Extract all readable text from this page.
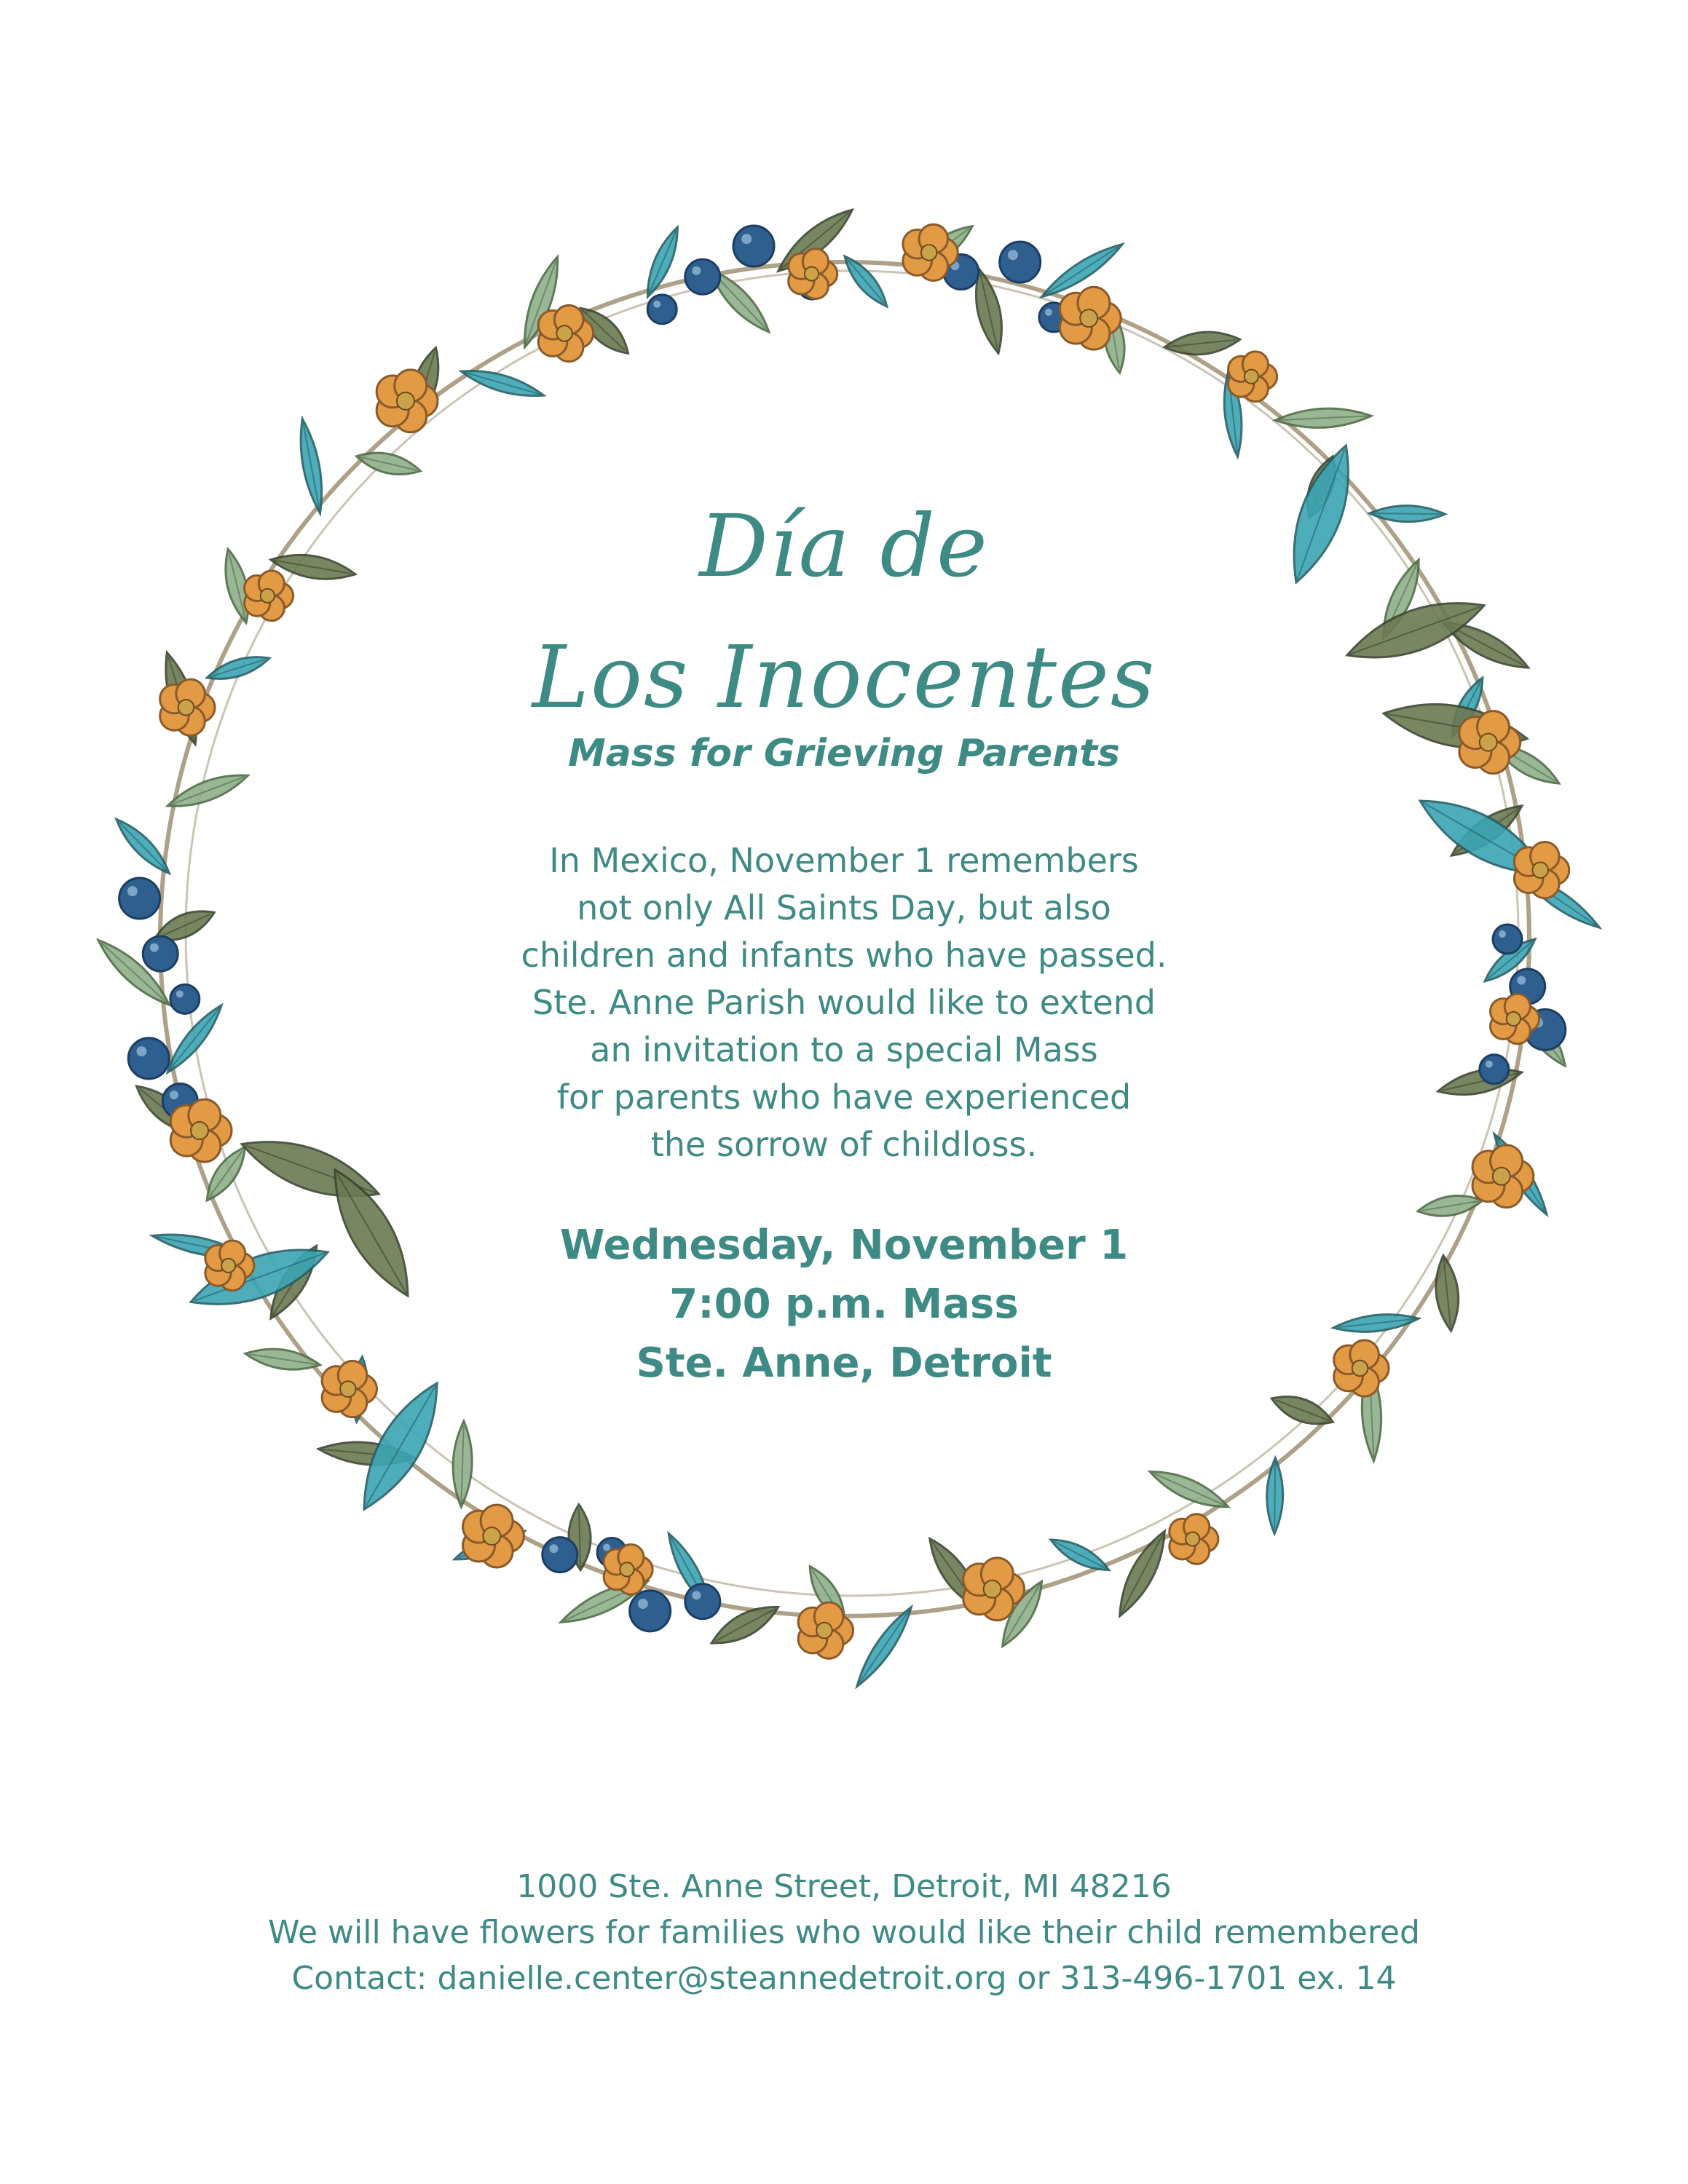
Día de
Los Inocentes
Mass for Grieving Parents
In Mexico, November 1 remembers
not only All Saints Day, but also
children and infants who have passed.
Ste. Anne Parish would like to extend
an invitation to a special Mass
for parents who have experienced
the sorrow of childloss.
Wednesday, November 1
7:00 p.m. Mass
Ste. Anne, Detroit
1000 Ste. Anne Street, Detroit, MI 48216
We will have flowers for families who would like their child remembered
Contact: danielle.center@steannedetroit.org or 313-496-1701 ex. 14
